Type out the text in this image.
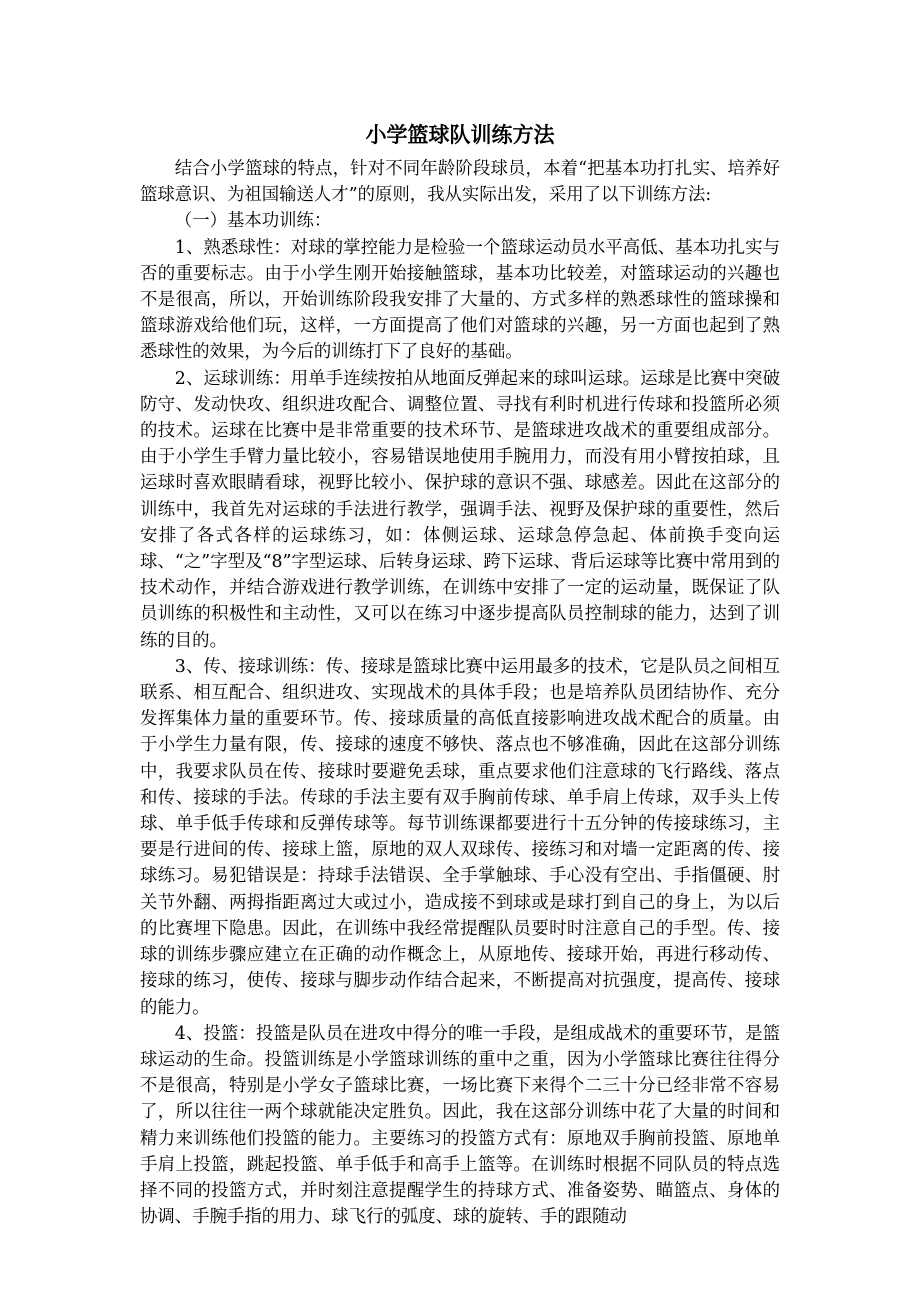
小学篮球队训练方法

结合小学篮球的特点，针对不同年龄阶段球员，本着“把基本功打扎实、培养好篮球意识、为祖国输送人才”的原则，我从实际出发，采用了以下训练方法:

（一）基本功训练：

1、熟悉球性：对球的掌控能力是检验一个篮球运动员水平高低、基本功扎实与否的重要标志。由于小学生刚开始接触篮球，基本功比较差，对篮球运动的兴趣也不是很高，所以，开始训练阶段我安排了大量的、方式多样的熟悉球性的篮球操和篮球游戏给他们玩，这样，一方面提高了他们对篮球的兴趣，另一方面也起到了熟悉球性的效果，为今后的训练打下了良好的基础。

2、运球训练：用单手连续按拍从地面反弹起来的球叫运球。运球是比赛中突破防守、发动快攻、组织进攻配合、调整位置、寻找有利时机进行传球和投篮所必须的技术。运球在比赛中是非常重要的技术环节、是篮球进攻战术的重要组成部分。由于小学生手臂力量比较小，容易错误地使用手腕用力，而没有用小臂按拍球，且运球时喜欢眼睛看球，视野比较小、保护球的意识不强、球感差。因此在这部分的训练中，我首先对运球的手法进行教学，强调手法、视野及保护球的重要性，然后安排了各式各样的运球练习，如：体侧运球、运球急停急起、体前换手变向运球、“之”字型及“8”字型运球、后转身运球、跨下运球、背后运球等比赛中常用到的技术动作，并结合游戏进行教学训练，在训练中安排了一定的运动量，既保证了队员训练的积极性和主动性，又可以在练习中逐步提高队员控制球的能力，达到了训练的目的。

3、传、接球训练：传、接球是篮球比赛中运用最多的技术，它是队员之间相互联系、相互配合、组织进攻、实现战术的具体手段；也是培养队员团结协作、充分发挥集体力量的重要环节。传、接球质量的高低直接影响进攻战术配合的质量。由于小学生力量有限，传、接球的速度不够快、落点也不够准确，因此在这部分训练中，我要求队员在传、接球时要避免丢球，重点要求他们注意球的飞行路线、落点和传、接球的手法。传球的手法主要有双手胸前传球、单手肩上传球，双手头上传球、单手低手传球和反弹传球等。每节训练课都要进行十五分钟的传接球练习，主要是行进间的传、接球上篮，原地的双人双球传、接练习和对墙一定距离的传、接球练习。易犯错误是：持球手法错误、全手掌触球、手心没有空出、手指僵硬、肘关节外翻、两拇指距离过大或过小，造成接不到球或是球打到自己的身上，为以后的比赛埋下隐患。因此，在训练中我经常提醒队员要时时注意自己的手型。传、接球的训练步骤应建立在正确的动作概念上，从原地传、接球开始，再进行移动传、接球的练习，使传、接球与脚步动作结合起来，不断提高对抗强度，提高传、接球的能力。

4、投篮：投篮是队员在进攻中得分的唯一手段，是组成战术的重要环节，是篮球运动的生命。投篮训练是小学篮球训练的重中之重，因为小学篮球比赛往往得分不是很高，特别是小学女子篮球比赛，一场比赛下来得个二三十分已经非常不容易了，所以往往一两个球就能决定胜负。因此，我在这部分训练中花了大量的时间和精力来训练他们投篮的能力。主要练习的投篮方式有：原地双手胸前投篮、原地单手肩上投篮，跳起投篮、单手低手和高手上篮等。在训练时根据不同队员的特点选择不同的投篮方式，并时刻注意提醒学生的持球方式、准备姿势、瞄篮点、身体的协调、手腕手指的用力、球飞行的弧度、球的旋转、手的跟随动
